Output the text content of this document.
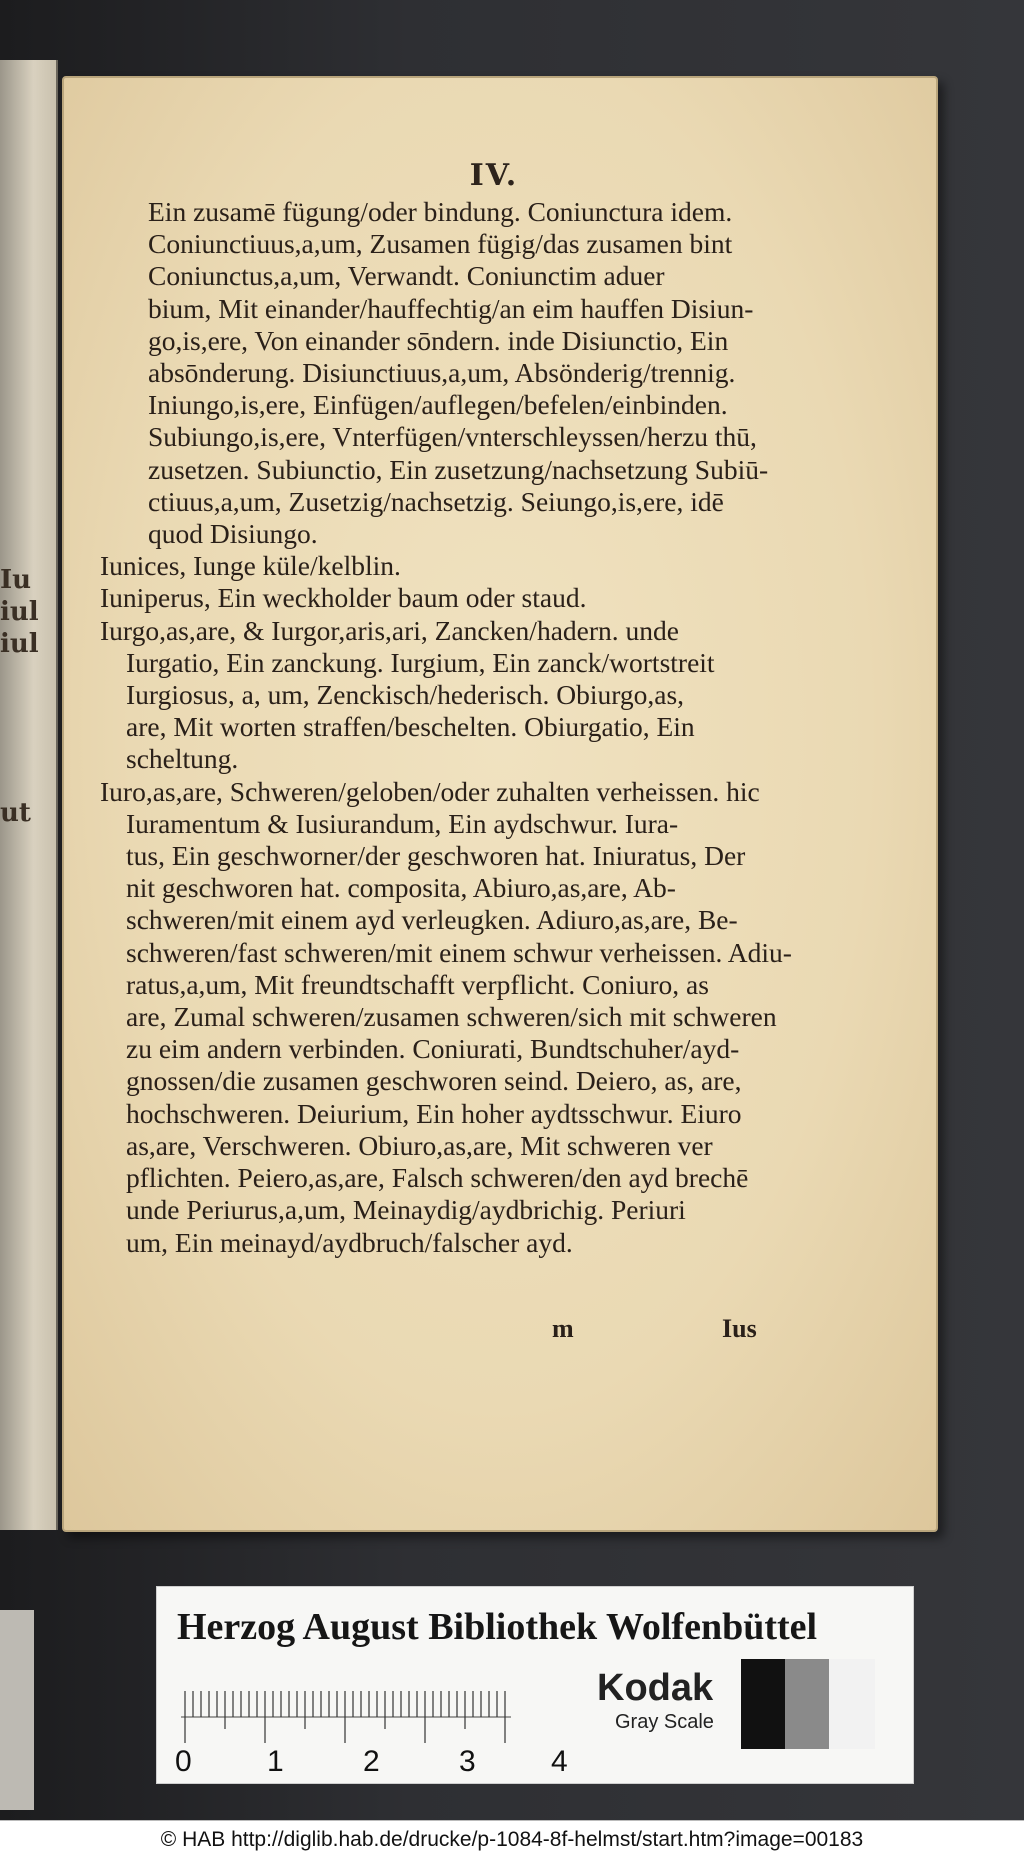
Iu
iul
iul
ut
IV.
Ein zusamē fügung/oder bindung. Coniunctura idem.
Coniunctiuus,a,um, Zusamen fügig/das zusamen bint
Coniunctus,a,um, Verwandt. Coniunctim aduer
bium, Mit einander/hauffechtig/an eim hauffen Disiun-
go,is,ere, Von einander sōndern. inde Disiunctio, Ein
absōnderung. Disiunctiuus,a,um, Absönderig/trennig.
Iniungo,is,ere, Einfügen/auflegen/befelen/einbinden.
Subiungo,is,ere, Vnterfügen/vnterschleyssen/herzu thū,
zusetzen. Subiunctio, Ein zusetzung/nachsetzung Subiū-
ctiuus,a,um, Zusetzig/nachsetzig. Seiungo,is,ere, idē
quod Disiungo.
Iunices, Iunge küle/kelblin.
Iuniperus, Ein weckholder baum oder staud.
Iurgo,as,are, & Iurgor,aris,ari, Zancken/hadern. unde
Iurgatio, Ein zanckung. Iurgium, Ein zanck/wortstreit
Iurgiosus, a, um, Zenckisch/hederisch. Obiurgo,as,
are, Mit worten straffen/beschelten. Obiurgatio, Ein
scheltung.
Iuro,as,are, Schweren/geloben/oder zuhalten verheissen. hic
Iuramentum & Iusiurandum, Ein aydschwur. Iura-
tus, Ein geschworner/der geschworen hat. Iniuratus, Der
nit geschworen hat. composita, Abiuro,as,are, Ab-
schweren/mit einem ayd verleugken. Adiuro,as,are, Be-
schweren/fast schweren/mit einem schwur verheissen. Adiu-
ratus,a,um, Mit freundtschafft verpflicht. Coniuro, as
are, Zumal schweren/zusamen schweren/sich mit schweren
zu eim andern verbinden. Coniurati, Bundtschuher/ayd-
gnossen/die zusamen geschworen seind. Deiero, as, are,
hochschweren. Deiurium, Ein hoher aydtsschwur. Eiuro
as,are, Verschweren. Obiuro,as,are, Mit schweren ver
pflichten. Peiero,as,are, Falsch schweren/den ayd brechē
unde Periurus,a,um, Meinaydig/aydbrichig. Periuri
um, Ein meinayd/aydbruch/falscher ayd.
m	Ius
Herzog August Bibliothek Wolfenbüttel
0	1	2	3	4
Kodak
Gray Scale
© HAB http://diglib.hab.de/drucke/p-1084-8f-helmst/start.htm?image=00183
